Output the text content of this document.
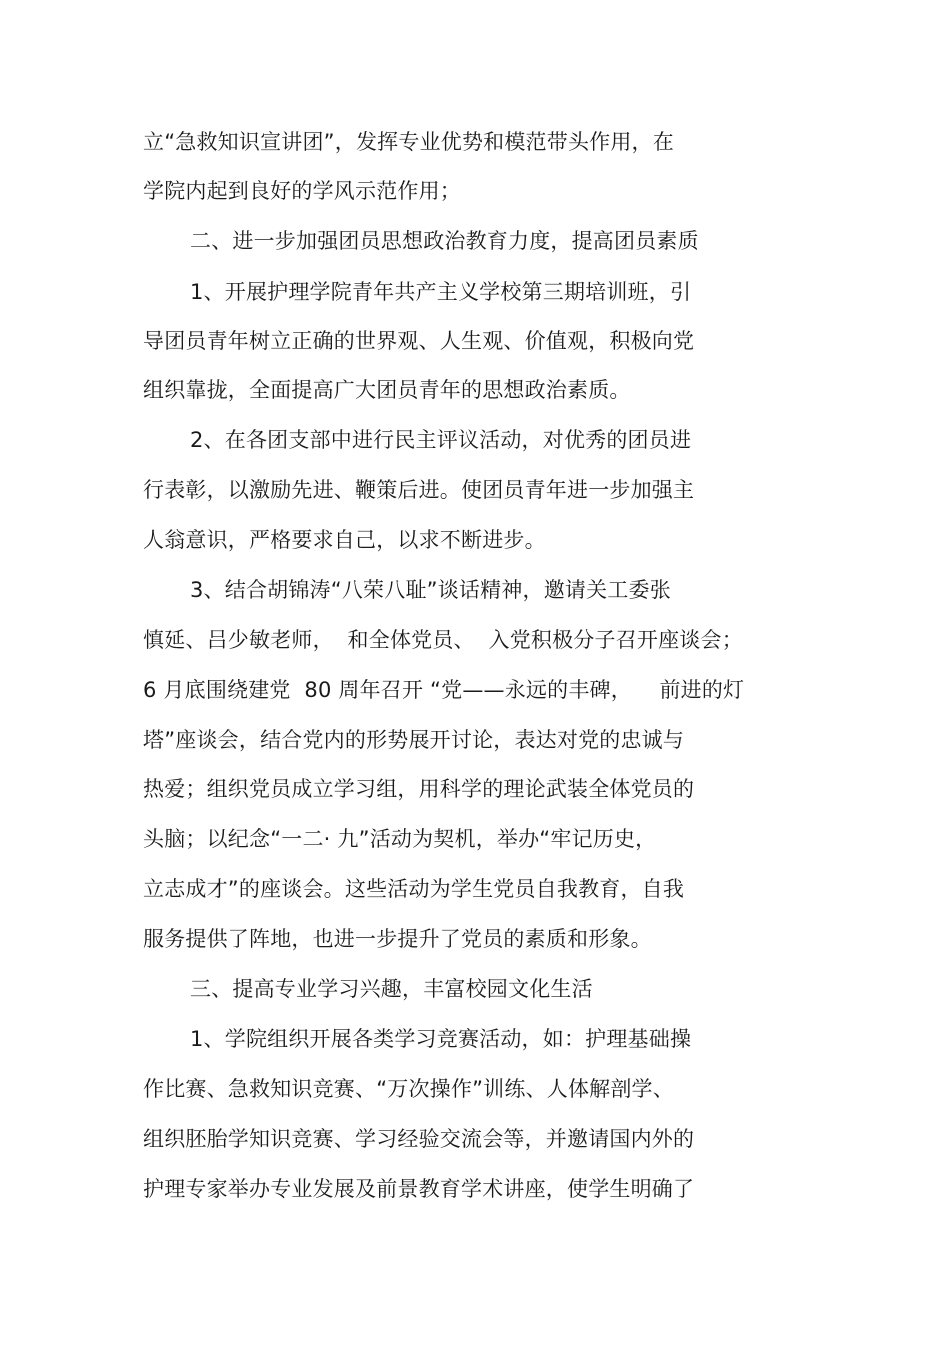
立“急救知识宣讲团”，发挥专业优势和模范带头作用，在
学院内起到良好的学风示范作用；
二、进一步加强团员思想政治教育力度，提高团员素质
1、开展护理学院青年共产主义学校第三期培训班，引
导团员青年树立正确的世界观、人生观、价值观，积极向党
组织靠拢，全面提高广大团员青年的思想政治素质。
2、在各团支部中进行民主评议活动，对优秀的团员进
行表彰，以激励先进、鞭策后进。使团员青年进一步加强主
人翁意识，严格要求自己，以求不断进步。
3、结合胡锦涛“八荣八耻”谈话精神，邀请关工委张
慎延、吕少敏老师，  和全体党员、  入党积极分子召开座谈会；
6 月底围绕建党  80 周年召开 “党——永远的丰碑，    前进的灯
塔”座谈会，结合党内的形势展开讨论，表达对党的忠诚与
热爱；组织党员成立学习组，用科学的理论武装全体党员的
头脑；以纪念“一二· 九”活动为契机，举办“牢记历史，
立志成才”的座谈会。这些活动为学生党员自我教育，自我
服务提供了阵地，也进一步提升了党员的素质和形象。
三、提高专业学习兴趣，丰富校园文化生活
1、学院组织开展各类学习竞赛活动，如：护理基础操
作比赛、急救知识竞赛、“万次操作”训练、人体解剖学、
组织胚胎学知识竞赛、学习经验交流会等，并邀请国内外的
护理专家举办专业发展及前景教育学术讲座，使学生明确了
